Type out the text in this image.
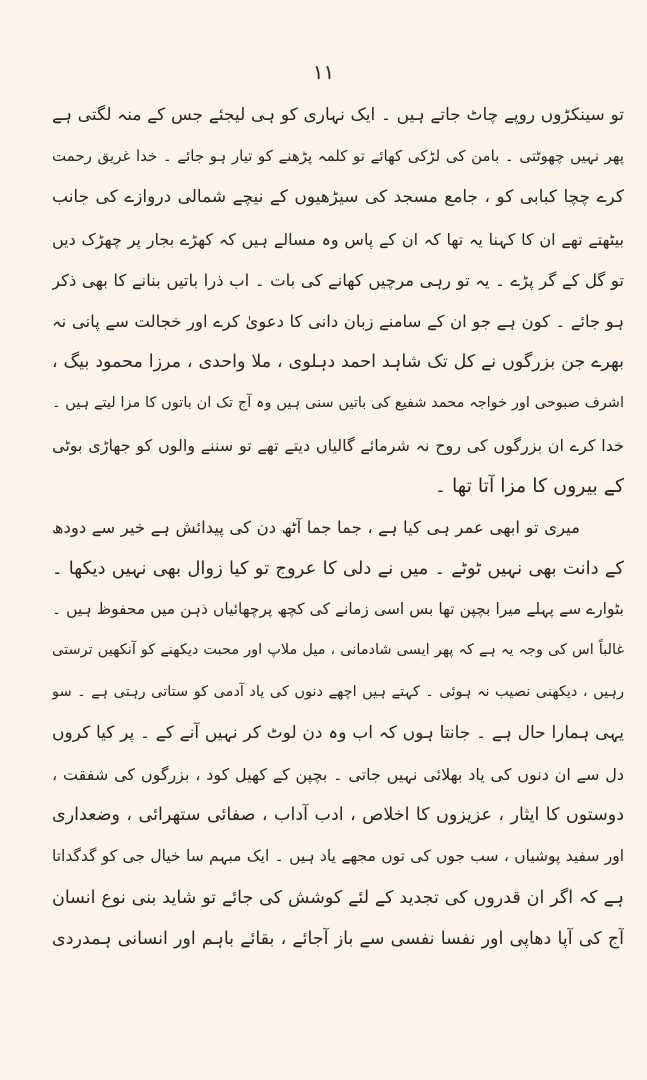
۱۱
تو سینکڑوں روپے چاٹ جاتے ہیں ۔ ایک نہاری کو ہی لیجئے جس کے منہ لگتی ہے
پھر نہیں چھوٹتی ۔ بامن کی لڑکی کھائے تو کلمہ پڑھنے کو تیار ہو جائے ۔ خدا غریق رحمت
کرے چچا کبابی کو ، جامع مسجد کی سیڑھیوں کے نیچے شمالی دروازے کی جانب
بیٹھتے تھے ان کا کہنا یہ تھا کہ ان کے پاس وہ مسالے ہیں کہ کھڑے بجار پر چھڑک دیں
تو گل کے گر پڑے ۔ یہ تو رہی مرچیں کھانے کی بات ۔ اب ذرا باتیں بنانے کا بھی ذکر
ہو جائے ۔ کون ہے جو ان کے سامنے زبان دانی کا دعویٰ کرے اور خجالت سے پانی نہ
بھرے جن بزرگوں نے کل تک شاہد احمد دہلوی ، ملا واحدی ، مرزا محمود بیگ ،
اشرف صبوحی اور خواجہ محمد شفیع کی باتیں سنی ہیں وہ آج تک ان باتوں کا مزا لیتے ہیں ۔
خدا کرے ان بزرگوں کی روح نہ شرمائے گالیاں دیتے تھے تو سننے والوں کو جھاڑی بوٹی
کے بیروں کا مزا آتا تھا ۔
میری تو ابھی عمر ہی کیا ہے ، جما جما آٹھ دن کی پیدائش ہے خیر سے دودھ
کے دانت بھی نہیں ٹوٹے ۔ میں نے دلی کا عروج تو کیا زوال بھی نہیں دیکھا ۔
بٹوارے سے پہلے میرا بچپن تھا بس اسی زمانے کی کچھ پرچھائیاں ذہن میں محفوظ ہیں ۔
غالباً اس کی وجہ یہ ہے کہ پھر ایسی شادمانی ، میل ملاپ اور محبت دیکھنے کو آنکھیں ترستی
رہیں ، دیکھنی نصیب نہ ہوئی ۔ کہتے ہیں اچھے دنوں کی یاد آدمی کو ستاتی رہتی ہے ۔ سو
یہی ہمارا حال ہے ۔ جانتا ہوں کہ اب وہ دن لوٹ کر نہیں آنے کے ۔ پر کیا کروں
دل سے ان دنوں کی یاد بھلائی نہیں جاتی ۔ بچپن کے کھیل کود ، بزرگوں کی شفقت ،
دوستوں کا ایثار ، عزیزوں کا اخلاص ، ادب آداب ، صفائی ستھرائی ، وضعداری
اور سفید پوشیاں ، سب جوں کی توں مجھے یاد ہیں ۔ ایک مبہم سا خیال جی کو گدگداتا
ہے کہ اگر ان قدروں کی تجدید کے لئے کوشش کی جائے تو شاید بنی نوع انسان
آج کی آپا دھاپی اور نفسا نفسی سے باز آجائے ، بقائے باہم اور انسانی ہمدردی
